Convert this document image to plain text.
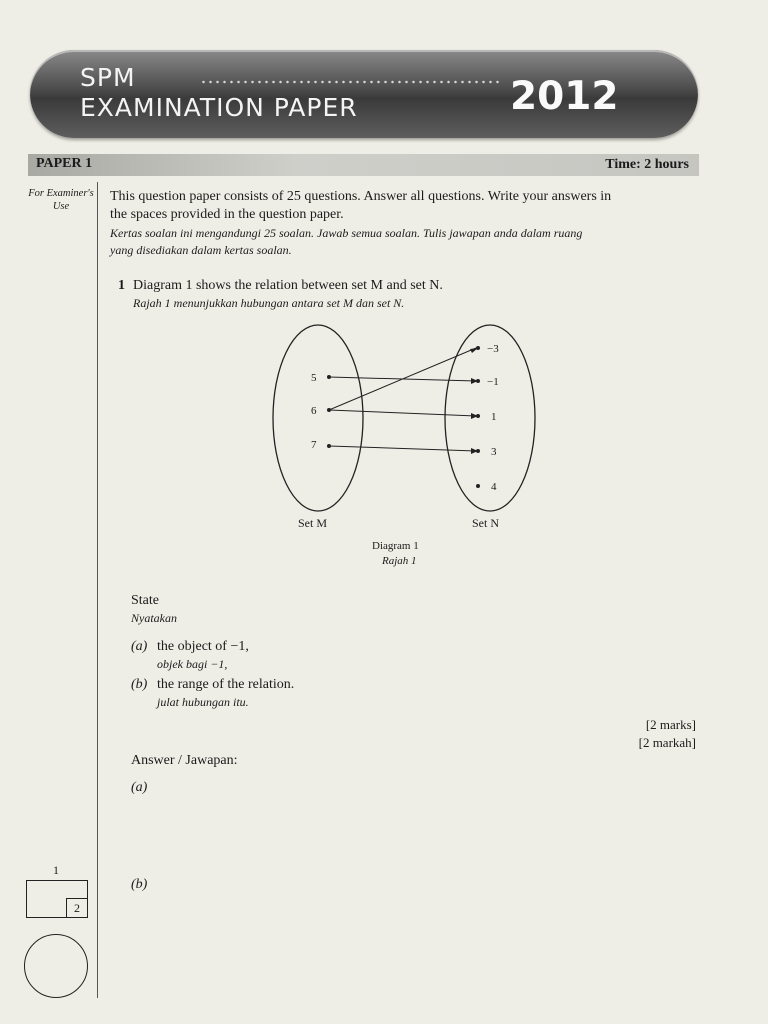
SPM
EXAMINATION PAPER	2012
PAPER 1	Time: 2 hours
For Examiner's Use
This question paper consists of 25 questions. Answer all questions. Write your answers in
the spaces provided in the question paper.
Kertas soalan ini mengandungi 25 soalan. Jawab semua soalan. Tulis jawapan anda dalam ruang
yang disediakan dalam kertas soalan.
1 Diagram 1 shows the relation between set M and set N.
Rajah 1 menunjukkan hubungan antara set M dan set N.
5
6
7
−3
−1
1
3
4
Set M	Set N
Diagram 1
Rajah 1
State
Nyatakan
(a) the object of −1,
objek bagi −1,
(b) the range of the relation.
julat hubungan itu.
[2 marks]
[2 markah]
Answer / Jawapan:
(a)
(b)
1
2
